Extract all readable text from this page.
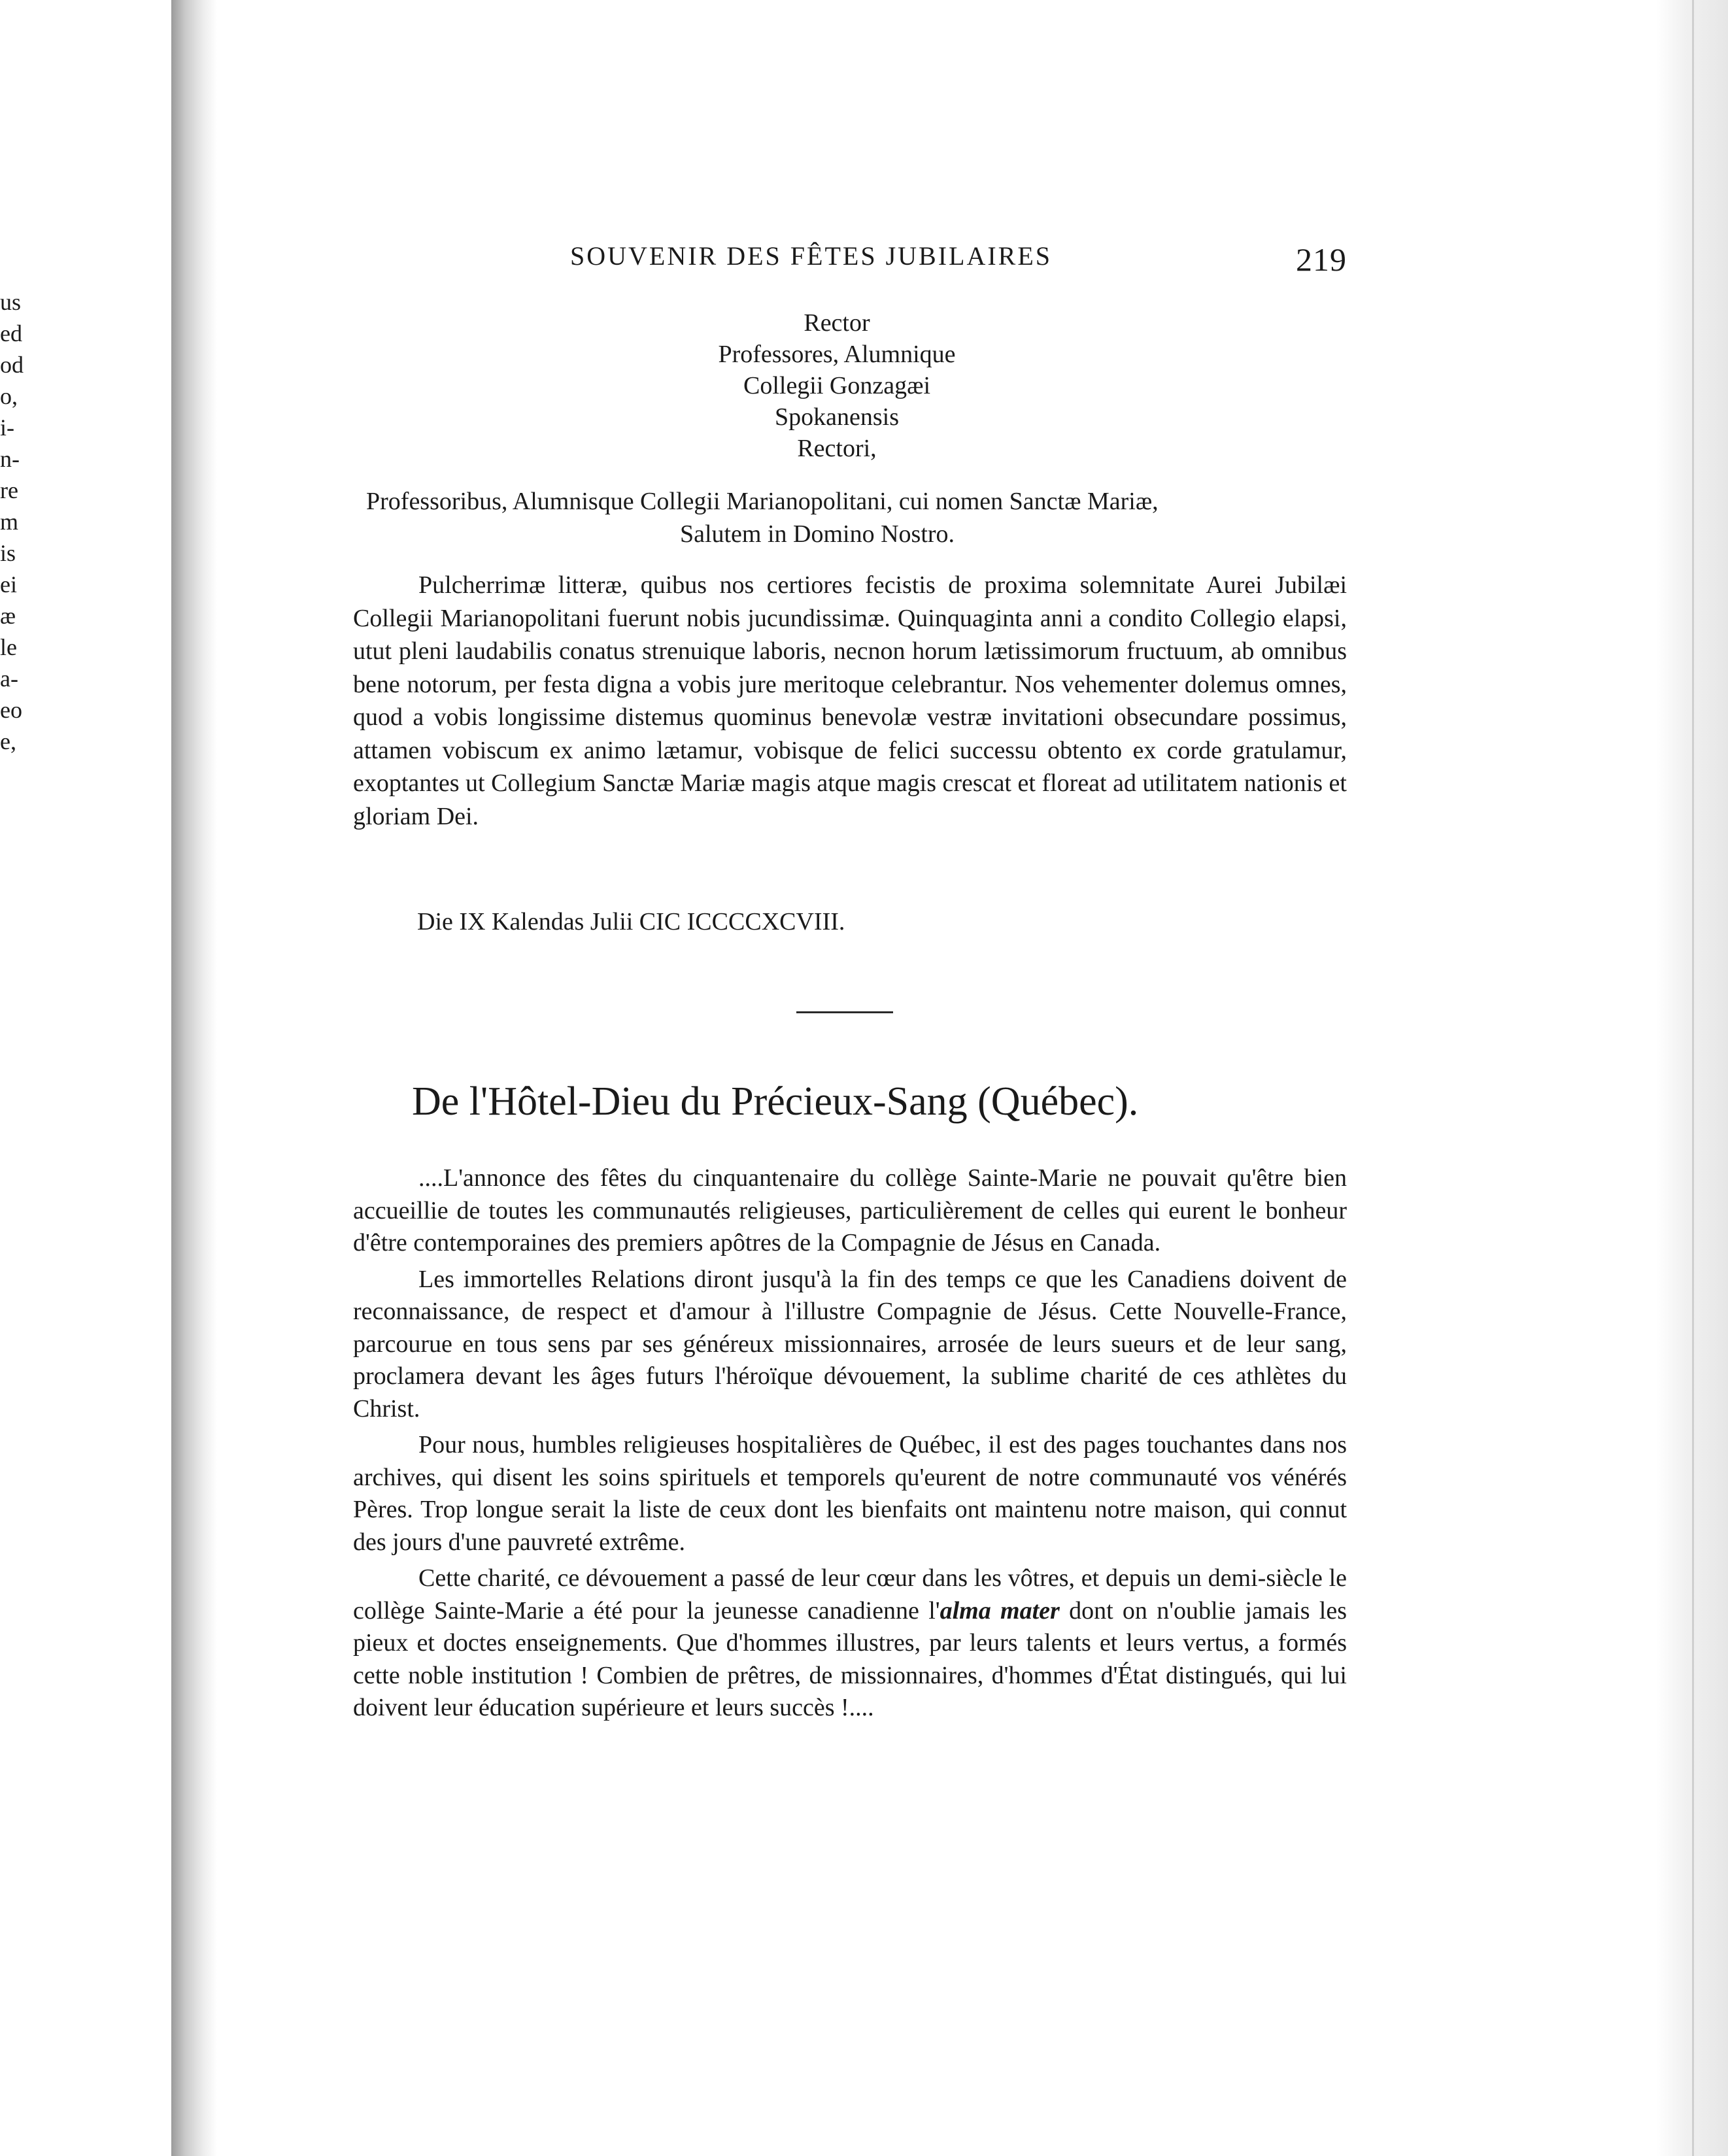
us
ed
od
o,
i-
n-
re
m
is
ei
æ
le
a-
eo
e,
SOUVENIR DES FÊTES JUBILAIRES	219
Rector
Professores, Alumnique
Collegii Gonzagæi
Spokanensis
Rectori,
Professoribus, Alumnisque Collegii Marianopolitani, cui nomen Sanctæ Mariæ,
Salutem in Domino Nostro.

Pulcherrimæ litteræ, quibus nos certiores fecistis de proxima solemnitate Aurei Jubilæi Collegii Marianopolitani fuerunt nobis jucundissimæ. Quinquaginta anni a condito Collegio elapsi, utut pleni laudabilis conatus strenuique laboris, necnon horum lætissimorum fructuum, ab omnibus bene notorum, per festa digna a vobis jure meritoque celebrantur. Nos vehementer dolemus omnes, quod a vobis longissime distemus quominus benevolæ vestræ invitationi obsecundare possimus, attamen vobiscum ex animo lætamur, vobisque de felici successu obtento ex corde gratulamur, exoptantes ut Collegium Sanctæ Mariæ magis atque magis crescat et floreat ad utilitatem nationis et gloriam Dei.

Die IX Kalendas Julii CIC ICCCCXCVIII.
De l'Hôtel-Dieu du Précieux-Sang (Québec).

....L'annonce des fêtes du cinquantenaire du collège Sainte-Marie ne pouvait qu'être bien accueillie de toutes les communautés religieuses, particulièrement de celles qui eurent le bonheur d'être contemporaines des premiers apôtres de la Compagnie de Jésus en Canada.

Les immortelles Relations diront jusqu'à la fin des temps ce que les Canadiens doivent de reconnaissance, de respect et d'amour à l'illustre Compagnie de Jésus. Cette Nouvelle-France, parcourue en tous sens par ses généreux missionnaires, arrosée de leurs sueurs et de leur sang, proclamera devant les âges futurs l'héroïque dévouement, la sublime charité de ces athlètes du Christ.

Pour nous, humbles religieuses hospitalières de Québec, il est des pages touchantes dans nos archives, qui disent les soins spirituels et temporels qu'eurent de notre communauté vos vénérés Pères. Trop longue serait la liste de ceux dont les bienfaits ont maintenu notre maison, qui connut des jours d'une pauvreté extrême.

Cette charité, ce dévouement a passé de leur cœur dans les vôtres, et depuis un demi-siècle le collège Sainte-Marie a été pour la jeunesse canadienne l'alma mater dont on n'oublie jamais les pieux et doctes enseignements. Que d'hommes illustres, par leurs talents et leurs vertus, a formés cette noble institution ! Combien de prêtres, de missionnaires, d'hommes d'État distingués, qui lui doivent leur éducation supérieure et leurs succès !....
